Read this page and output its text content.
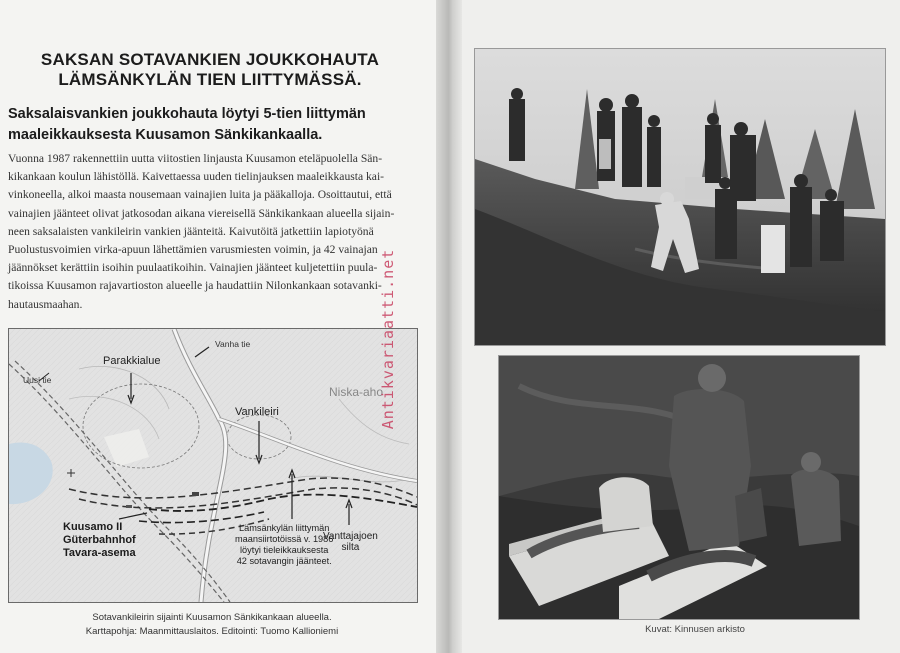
SAKSAN SOTAVANKIEN JOUKKOHAUTA
LÄMSÄNKYLÄN TIEN LIITTYMÄSSÄ.
Saksalaisvankien joukkohauta löytyi 5-tien liittymän
maaleikkauksesta Kuusamon Sänkikankaalla.
Vuonna 1987 rakennettiin uutta viitostien linjausta Kuusamon eteläpuolella Sän-
kikankaan koulun lähistöllä. Kaivettaessa uuden tielinjauksen maaleikkausta kai-
vinkoneella, alkoi maasta nousemaan vainajien luita ja pääkalloja. Osoittautui, että
vainajien jäänteet olivat jatkosodan aikana viereisellä Sänkikankaan alueella sijain-
neen saksalaisten vankileirin vankien jäänteitä. Kaivutöitä jatkettiin lapiotyönä
Puolustusvoimien virka-apuun lähettämien varusmiesten voimin, ja 42 vainajan
jäännökset kerättiin isoihin puulaatikoihin. Vainajien jäänteet kuljetettiin puula-
tikoissa Kuusamon rajavartioston alueelle ja haudattiin Nilonkankaan sotavanki-
hautausmaahan.
Vanha tie
Uusi tie
Parakkialue
Vankileiri
Niska-aho
Kuusamo II
Güterbahnhof
Tavara-asema
Lämsänkylän liittymän
maansiirtotöissä v. 1986
löytyi tieleikkauksesta
42 sotavangin jäänteet.
Vanttajajoen
silta
Sotavankileirin sijainti Kuusamon Sänkikankaan alueella.
Karttapohja: Maanmittauslaitos. Editointi: Tuomo Kallioniemi
Antikvariaatti.net
Kuvat: Kinnusen arkisto
